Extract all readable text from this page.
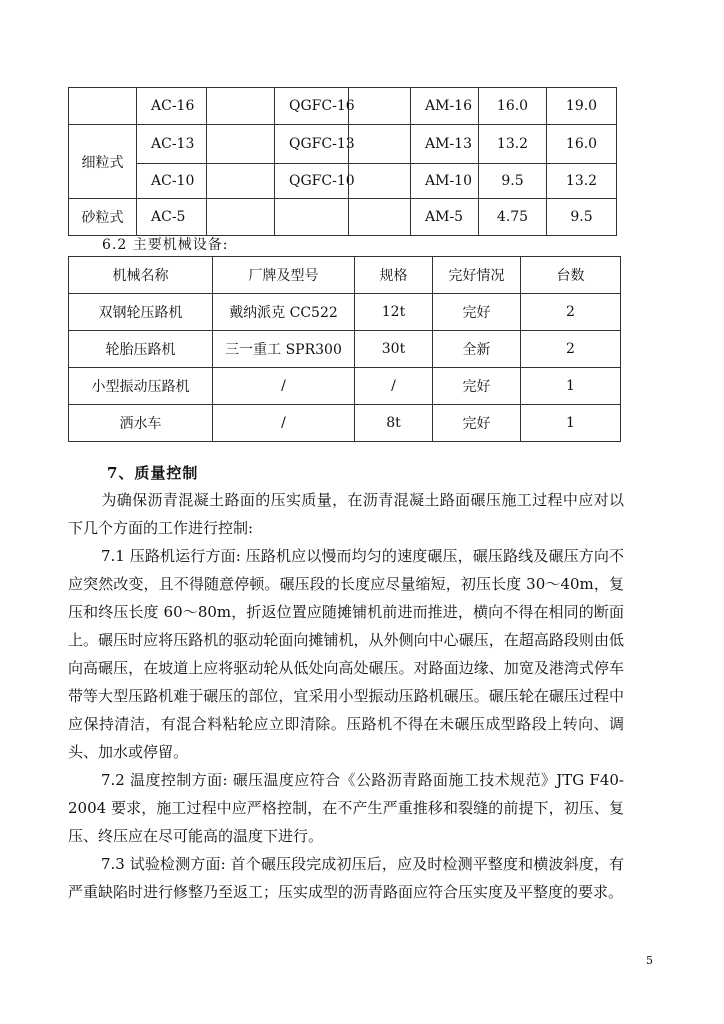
	AC-16		QGFC-16		AM-16	16.0	19.0
细粒式	AC-13		QGFC-13		AM-13	13.2	16.0
	AC-10		QGFC-10		AM-10	9.5	13.2
砂粒式	AC-5				AM-5	4.75	9.5
6.2 主要机械设备:
机械名称	厂牌及型号	规格	完好情况	台数
双钢轮压路机	戴纳派克 CC522	12t	完好	2
轮胎压路机	三一重工 SPR300	30t	全新	2
小型振动压路机	/	/	完好	1
洒水车	/	8t	完好	1
7、质量控制

为确保沥青混凝土路面的压实质量，在沥青混凝土路面碾压施工过程中应对以下几个方面的工作进行控制:

7.1 压路机运行方面: 压路机应以慢而均匀的速度碾压，碾压路线及碾压方向不应突然改变，且不得随意停顿。碾压段的长度应尽量缩短，初压长度 30～40m，复压和终压长度 60～80m，折返位置应随摊铺机前进而推进，横向不得在相同的断面上。碾压时应将压路机的驱动轮面向摊铺机，从外侧向中心碾压，在超高路段则由低向高碾压，在坡道上应将驱动轮从低处向高处碾压。对路面边缘、加宽及港湾式停车带等大型压路机难于碾压的部位，宜采用小型振动压路机碾压。碾压轮在碾压过程中应保持清洁，有混合料粘轮应立即清除。压路机不得在未碾压成型路段上转向、调头、加水或停留。

7.2 温度控制方面: 碾压温度应符合《公路沥青路面施工技术规范》JTG F40-2004 要求，施工过程中应严格控制，在不产生严重推移和裂缝的前提下，初压、复压、终压应在尽可能高的温度下进行。

7.3 试验检测方面: 首个碾压段完成初压后，应及时检测平整度和横波斜度，有严重缺陷时进行修整乃至返工；压实成型的沥青路面应符合压实度及平整度的要求。

5
